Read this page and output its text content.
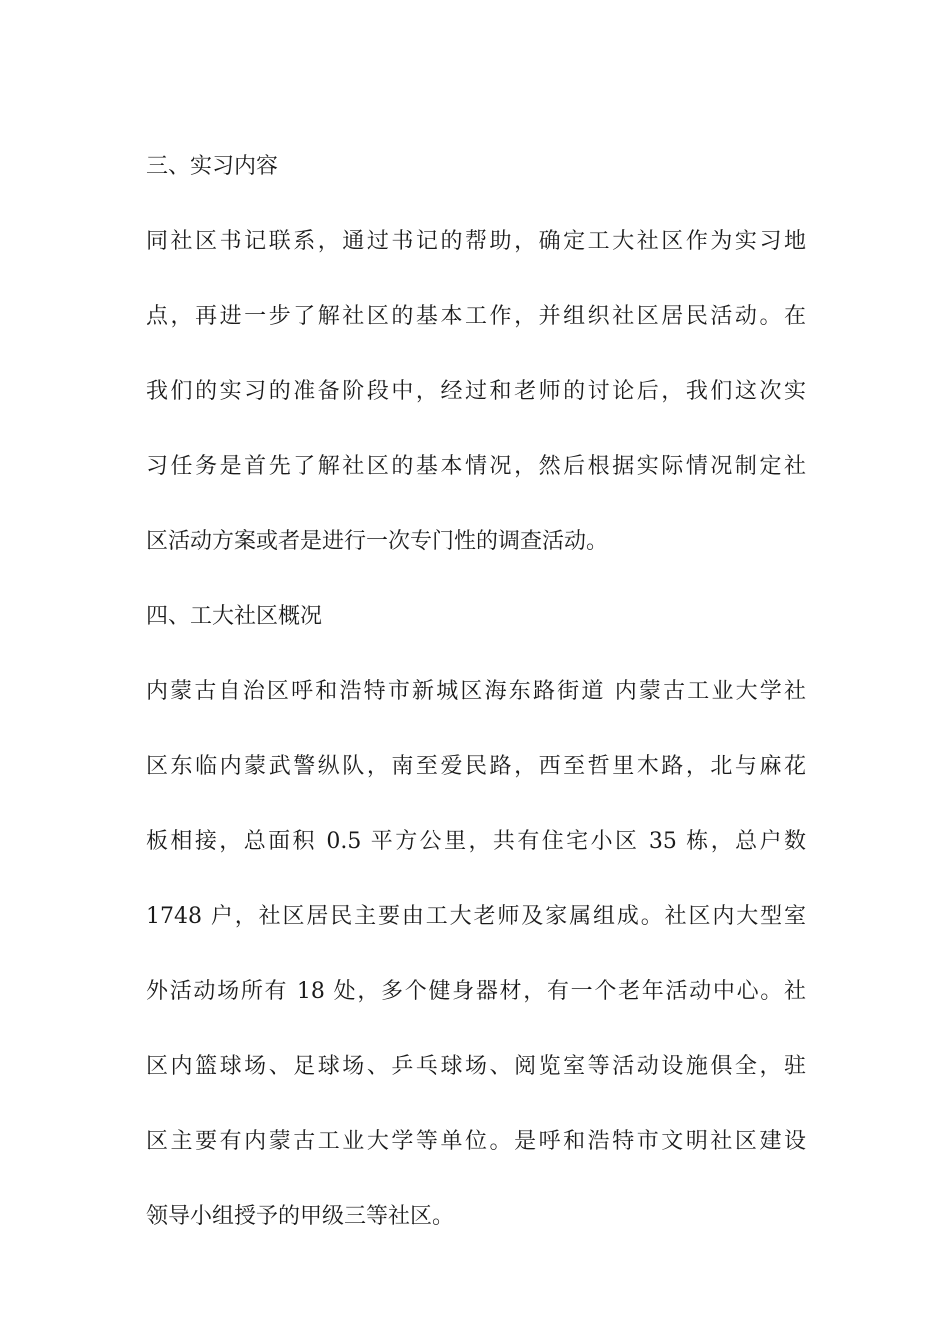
三、实习内容
同社区书记联系，通过书记的帮助，确定工大社区作为实习地
点，再进一步了解社区的基本工作，并组织社区居民活动。在
我们的实习的准备阶段中，经过和老师的讨论后，我们这次实
习任务是首先了解社区的基本情况，然后根据实际情况制定社
区活动方案或者是进行一次专门性的调查活动。
四、工大社区概况
内蒙古自治区呼和浩特市新城区海东路街道 内蒙古工业大学社
区东临内蒙武警纵队，南至爱民路，西至哲里木路，北与麻花
板相接，总面积 0.5 平方公里，共有住宅小区 35 栋，总户数
1748 户，社区居民主要由工大老师及家属组成。社区内大型室
外活动场所有 18 处，多个健身器材，有一个老年活动中心。社
区内篮球场、足球场、乒乓球场、阅览室等活动设施俱全，驻
区主要有内蒙古工业大学等单位。是呼和浩特市文明社区建设
领导小组授予的甲级三等社区。
